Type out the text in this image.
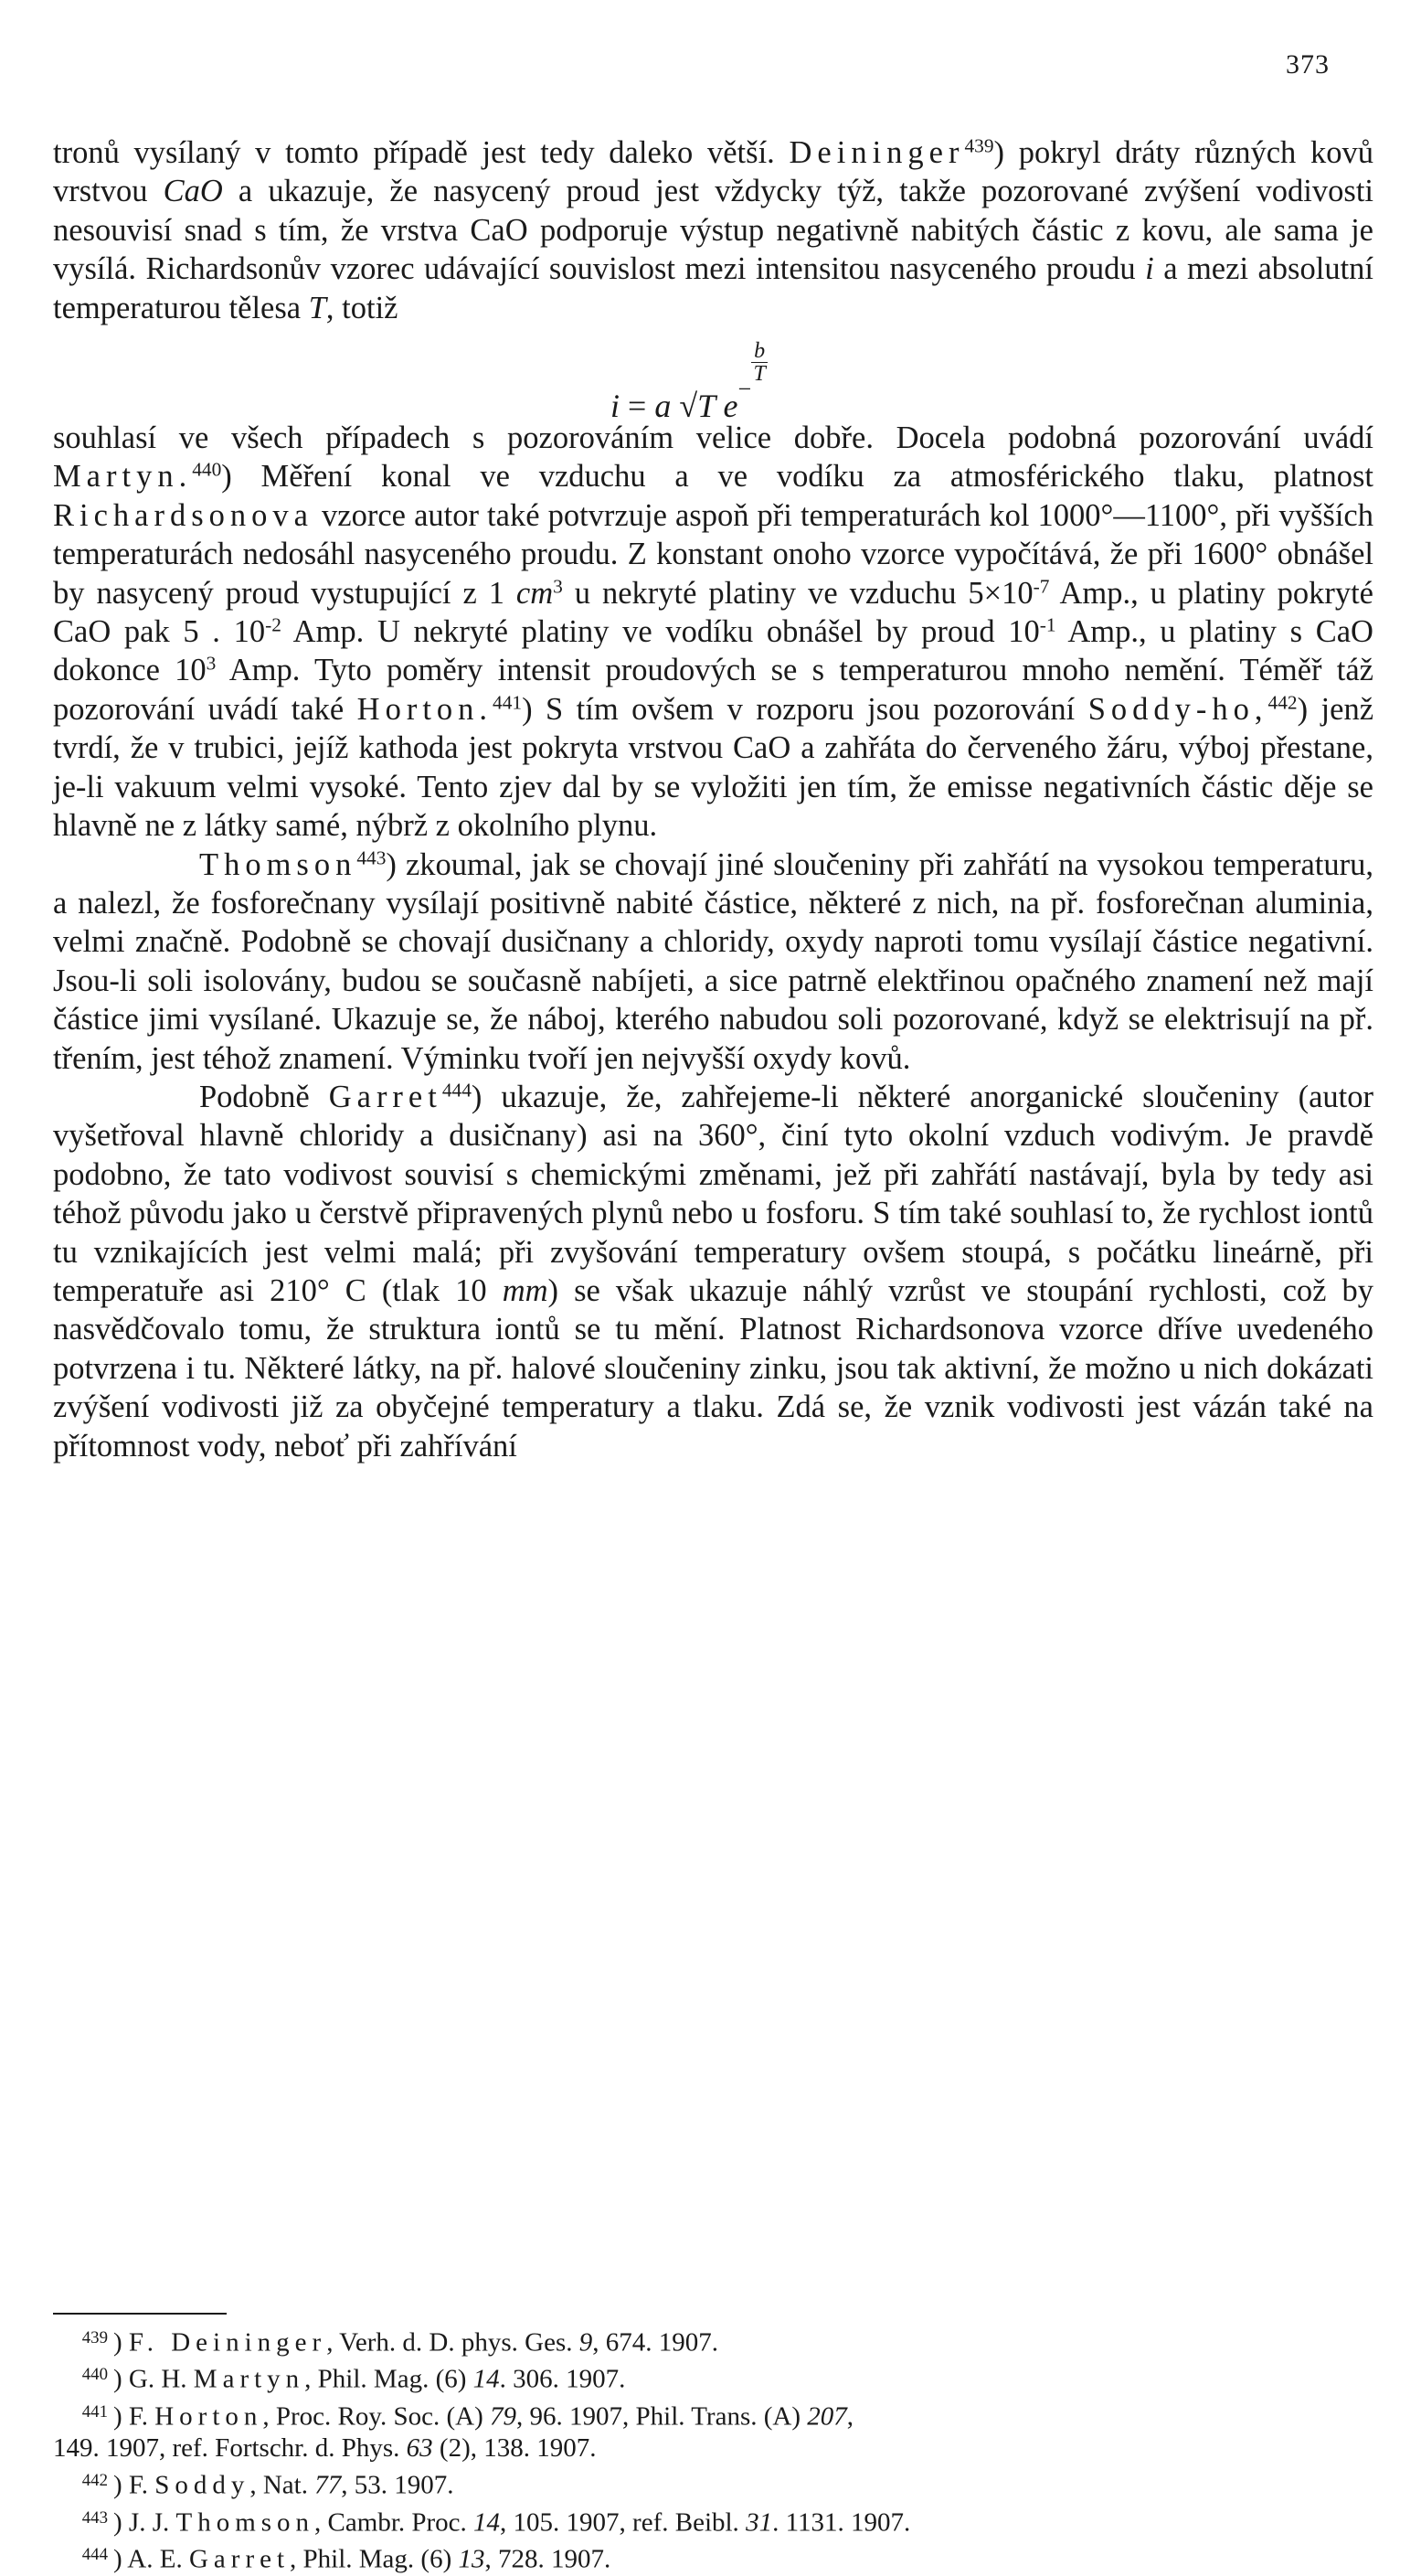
373

tronů vysílaný v tomto případě jest tedy daleko větší. Deininger$^{439}$) pokryl dráty různých kovů vrstvou CaO a ukazuje, že nasycený proud jest vždycky týž, takže pozorované zvýšení vodivosti nesouvisí snad s tím, že vrstva CaO podporuje výstup negativně nabitých částic z kovu, ale sama je vysílá. Richardsonův vzorec udávající souvislost mezi intensitou nasyceného proudu i a mezi absolutní temperaturou tělesa T, totiž

i = a √T $e^{- \frac{b}{T}}$

souhlasí ve všech případech s pozorováním velice dobře. Docela podobná pozorování uvádí Martyn.$^{440}$) Měření konal ve vzduchu a ve vodíku za atmosférického tlaku, platnost Richardsonova vzorce autor také potvrzuje aspoň při temperaturách kol 1000°—1100°, při vyšších temperaturách nedosáhl nasyceného proudu. Z konstant onoho vzorce vypočítává, že při 1600° obnášel by nasycený proud vystupující z 1 cm$^3$ u nekryté platiny ve vzduchu 5×10$^{-7}$ Amp., u platiny pokryté CaO pak 5 . 10$^{-2}$ Amp. U nekryté platiny ve vodíku obnášel by proud 10$^{-1}$ Amp., u platiny s CaO dokonce 10$^3$ Amp. Tyto poměry intensit proudových se s temperaturou mnoho nemění. Téměř táž pozorování uvádí také Horton.$^{441}$) S tím ovšem v rozporu jsou pozorování Soddy-ho,$^{442}$) jenž tvrdí, že v trubici, jejíž kathoda jest pokryta vrstvou CaO a zahřáta do červeného žáru, výboj přestane, je-li vakuum velmi vysoké. Tento zjev dal by se vyložiti jen tím, že emisse negativních částic děje se hlavně ne z látky samé, nýbrž z okolního plynu.

Thomson$^{443}$) zkoumal, jak se chovají jiné sloučeniny při zahřátí na vysokou temperaturu, a nalezl, že fosforečnany vysílají positivně nabité částice, některé z nich, na př. fosforečnan aluminia, velmi značně. Podobně se chovají dusičnany a chloridy, oxydy naproti tomu vysílají částice negativní. Jsou-li soli isolovány, budou se současně nabíjeti, a sice patrně elektřinou opačného znamení než mají částice jimi vysílané. Ukazuje se, že náboj, kterého nabudou soli pozorované, když se elektrisují na př. třením, jest téhož znamení. Výminku tvoří jen nejvyšší oxydy kovů.

Podobně Garret$^{444}$) ukazuje, že, zahřejeme-li některé anorganické sloučeniny (autor vyšetřoval hlavně chloridy a dusičnany) asi na 360°, činí tyto okolní vzduch vodivým. Je pravdě podobno, že tato vodivost souvisí s chemickými změnami, jež při zahřátí nastávají, byla by tedy asi téhož původu jako u čerstvě připravených plynů nebo u fosforu. S tím také souhlasí to, že rychlost iontů tu vznikajících jest velmi malá; při zvyšování temperatury ovšem stoupá, s počátku lineárně, při temperatuře asi 210° C (tlak 10 mm) se však ukazuje náhlý vzrůst ve stoupání rychlosti, což by nasvědčovalo tomu, že struktura iontů se tu mění. Platnost Richardsonova vzorce dříve uvedeného potvrzena i tu. Některé látky, na př. halové sloučeniny zinku, jsou tak aktivní, že možno u nich dokázati zvýšení vodivosti již za obyčejné temperatury a tlaku. Zdá se, že vznik vodivosti jest vázán také na přítomnost vody, neboť při zahřívání

439 ) F. Deininger, Verh. d. D. phys. Ges. 9, 674. 1907.
440 ) G. H. Martyn, Phil. Mag. (6) 14. 306. 1907.
441 ) F. Horton, Proc. Roy. Soc. (A) 79, 96. 1907, Phil. Trans. (A) 207,
149. 1907, ref. Fortschr. d. Phys. 63 (2), 138. 1907.
442 ) F. Soddy, Nat. 77, 53. 1907.
443 ) J. J. Thomson, Cambr. Proc. 14, 105. 1907, ref. Beibl. 31. 1131. 1907.
444 ) A. E. Garret, Phil. Mag. (6) 13, 728. 1907.
